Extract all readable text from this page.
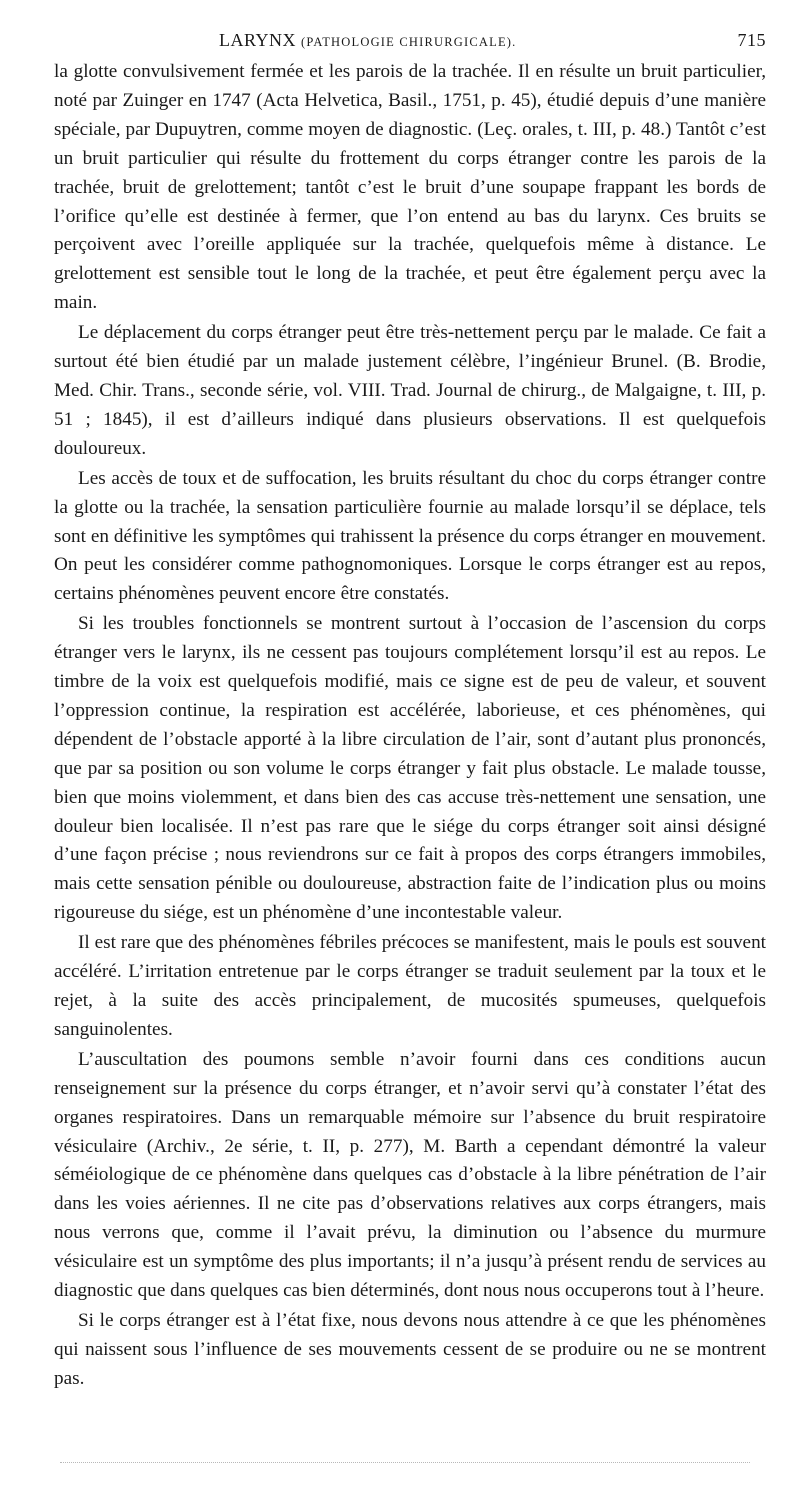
LARYNX (PATHOLOGIE CHIRURGICALE).	715

la glotte convulsivement fermée et les parois de la trachée. Il en résulte un bruit particulier, noté par Zuinger en 1747 (Acta Helvetica, Basil., 1751, p. 45), étudié depuis d’une manière spéciale, par Dupuytren, comme moyen de diagnostic. (Leç. orales, t. III, p. 48.) Tantôt c’est un bruit particulier qui résulte du frottement du corps étranger contre les parois de la trachée, bruit de grelottement; tantôt c’est le bruit d’une soupape frappant les bords de l’orifice qu’elle est destinée à fermer, que l’on entend au bas du larynx. Ces bruits se perçoivent avec l’oreille appliquée sur la trachée, quelquefois même à distance. Le grelottement est sensible tout le long de la trachée, et peut être également perçu avec la main.

Le déplacement du corps étranger peut être très-nettement perçu par le malade. Ce fait a surtout été bien étudié par un malade justement célèbre, l’ingénieur Brunel. (B. Brodie, Med. Chir. Trans., seconde série, vol. VIII. Trad. Journal de chirurg., de Malgaigne, t. III, p. 51 ; 1845), il est d’ailleurs indiqué dans plusieurs observations. Il est quelquefois douloureux.

Les accès de toux et de suffocation, les bruits résultant du choc du corps étranger contre la glotte ou la trachée, la sensation particulière fournie au malade lorsqu’il se déplace, tels sont en définitive les symptômes qui trahissent la présence du corps étranger en mouvement. On peut les considérer comme pathognomoniques. Lorsque le corps étranger est au repos, certains phénomènes peuvent encore être constatés.

Si les troubles fonctionnels se montrent surtout à l’occasion de l’ascension du corps étranger vers le larynx, ils ne cessent pas toujours complétement lorsqu’il est au repos. Le timbre de la voix est quelquefois modifié, mais ce signe est de peu de valeur, et souvent l’oppression continue, la respiration est accélérée, laborieuse, et ces phénomènes, qui dépendent de l’obstacle apporté à la libre circulation de l’air, sont d’autant plus prononcés, que par sa position ou son volume le corps étranger y fait plus obstacle. Le malade tousse, bien que moins violemment, et dans bien des cas accuse très-nettement une sensation, une douleur bien localisée. Il n’est pas rare que le siége du corps étranger soit ainsi désigné d’une façon précise ; nous reviendrons sur ce fait à propos des corps étrangers immobiles, mais cette sensation pénible ou douloureuse, abstraction faite de l’indication plus ou moins rigoureuse du siége, est un phénomène d’une incontestable valeur.

Il est rare que des phénomènes fébriles précoces se manifestent, mais le pouls est souvent accéléré. L’irritation entretenue par le corps étranger se traduit seulement par la toux et le rejet, à la suite des accès principalement, de mucosités spumeuses, quelquefois sanguinolentes.

L’auscultation des poumons semble n’avoir fourni dans ces conditions aucun renseignement sur la présence du corps étranger, et n’avoir servi qu’à constater l’état des organes respiratoires. Dans un remarquable mémoire sur l’absence du bruit respiratoire vésiculaire (Archiv., 2e série, t. II, p. 277), M. Barth a cependant démontré la valeur séméiologique de ce phénomène dans quelques cas d’obstacle à la libre pénétration de l’air dans les voies aériennes. Il ne cite pas d’observations relatives aux corps étrangers, mais nous verrons que, comme il l’avait prévu, la diminution ou l’absence du murmure vésiculaire est un symptôme des plus importants; il n’a jusqu’à présent rendu de services au diagnostic que dans quelques cas bien déterminés, dont nous nous occuperons tout à l’heure.

Si le corps étranger est à l’état fixe, nous devons nous attendre à ce que les phénomènes qui naissent sous l’influence de ses mouvements cessent de se produire ou ne se montrent pas.
